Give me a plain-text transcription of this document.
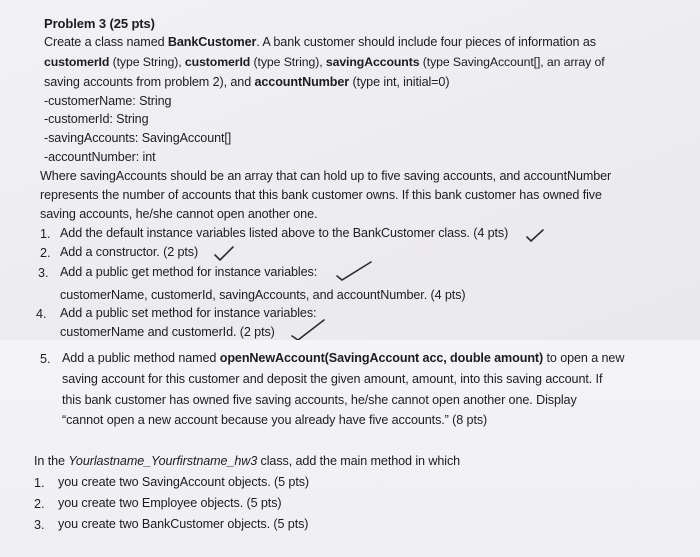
Problem 3 (25 pts)
Create a class named BankCustomer. A bank customer should include four pieces of information as
customerId (type String), customerId (type String), savingAccounts (type SavingAccount[], an array of
saving accounts from problem 2), and accountNumber (type int, initial=0)
-customerName: String
-customerId: String
-savingAccounts: SavingAccount[]
-accountNumber: int
Where savingAccounts should be an array that can hold up to five saving accounts, and accountNumber
represents the number of accounts that this bank customer owns. If this bank customer has owned five
saving accounts, he/she cannot open another one.
1. Add the default instance variables listed above to the BankCustomer class. (4 pts)
2. Add a constructor. (2 pts)
3. Add a public get method for instance variables:
customerName, customerId, savingAccounts, and accountNumber. (4 pts)
4. Add a public set method for instance variables:
customerName and customerId. (2 pts)
5. Add a public method named openNewAccount(SavingAccount acc, double amount) to open a new
saving account for this customer and deposit the given amount, amount, into this saving account. If
this bank customer has owned five saving accounts, he/she cannot open another one. Display
“cannot open a new account because you already have five accounts.” (8 pts)
In the Yourlastname_Yourfirstname_hw3 class, add the main method in which
1. you create two SavingAccount objects. (5 pts)
2. you create two Employee objects. (5 pts)
3. you create two BankCustomer objects. (5 pts)
